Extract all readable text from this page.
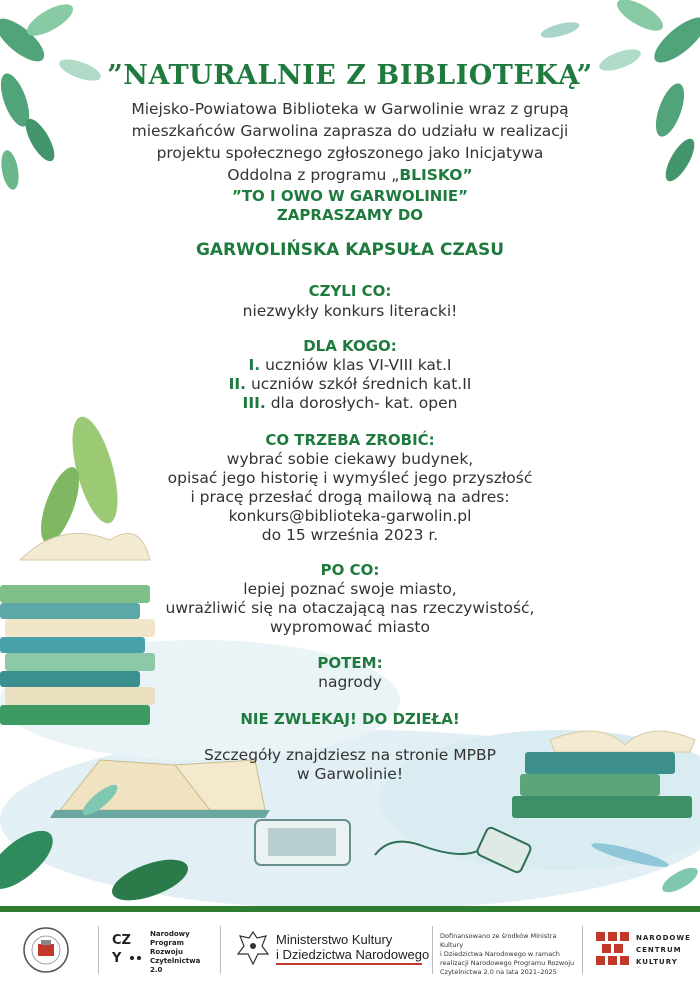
”NATURALNIE Z BIBLIOTEKĄ”
Miejsko-Powiatowa Biblioteka w Garwolinie wraz z grupą
mieszkańców Garwolina zaprasza do udziału w realizacji
projektu społecznego zgłoszonego jako Inicjatywa
Oddolna z programu „BLISKO”
”TO I OWO W GARWOLINIE”
ZAPRASZAMY DO
GARWOLIŃSKA KAPSUŁA CZASU
CZYLI CO:
niezwykły konkurs literacki!
DLA KOGO:
I. uczniów klas VI-VIII kat.I
II. uczniów szkół średnich kat.II
III. dla dorosłych- kat. open
CO TRZEBA ZROBIĆ:
wybrać sobie ciekawy budynek,
opisać jego historię i wymyśleć jego przyszłość
i pracę przesłać drogą mailową na adres:
konkurs@biblioteka-garwolin.pl
do 15 września 2023 r.
PO CO:
lepiej poznać swoje miasto,
uwrażliwić się na otaczającą nas rzeczywistość,
wypromować miasto
POTEM:
nagrody
NIE ZWLEKAJ! DO DZIEŁA!
Szczegóły znajdziesz na stronie MPBP
w Garwolinie!
CZ
Y
Narodowy
Program
Rozwoju
Czytelnictwa
2.0
Ministerstwo Kultury
i Dziedzictwa Narodowego
Dofinansowano ze środków Ministra Kultury
i Dziedzictwa Narodowego w ramach
realizacji Narodowego Programu Rozwoju
Czytelnictwa 2.0 na lata 2021–2025
NARODOWE
CENTRUM
KULTURY
